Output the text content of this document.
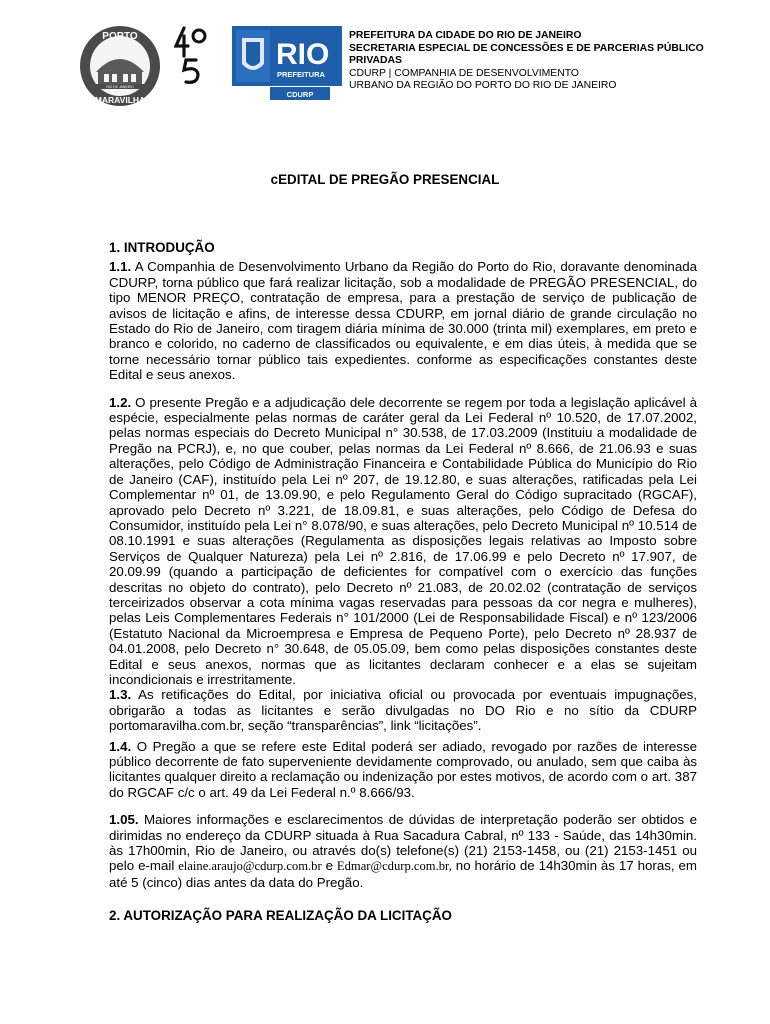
PORTO
MARAVILHA
RIO DE JANEIRO
RIO
PREFEITURA
CDURP
PREFEITURA DA CIDADE DO RIO DE JANEIRO
SECRETARIA ESPECIAL DE CONCESSÕES E DE PARCERIAS PÚBLICO
PRIVADAS
CDURP | COMPANHIA DE DESENVOLVIMENTO
URBANO DA REGIÃO DO PORTO DO RIO DE JANEIRO
cEDITAL DE PREGÃO PRESENCIAL
1. INTRODUÇÃO

1.1. A Companhia de Desenvolvimento Urbano da Região do Porto do Rio, doravante denominada CDURP, torna público que fará realizar licitação, sob a modalidade de PREGÃO PRESENCIAL, do tipo MENOR PREÇO, contratação de empresa, para a prestação de serviço de publicação de avisos de licitação e afins, de interesse dessa CDURP, em jornal diário de grande circulação no Estado do Rio de Janeiro, com tiragem diária mínima de 30.000 (trinta mil) exemplares, em preto e branco e colorido, no caderno de classificados ou equivalente, e em dias úteis, à medida que se torne necessário tornar público tais expedientes. conforme as especificações constantes deste Edital e seus anexos.

1.2. O presente Pregão e a adjudicação dele decorrente se regem por toda a legislação aplicável à espécie, especialmente pelas normas de caráter geral da Lei Federal nº 10.520, de 17.07.2002, pelas normas especiais do Decreto Municipal n° 30.538, de 17.03.2009 (Instituiu a modalidade de Pregão na PCRJ), e, no que couber, pelas normas da Lei Federal nº 8.666, de 21.06.93 e suas alterações, pelo Código de Administração Financeira e Contabilidade Pública do Município do Rio de Janeiro (CAF), instituído pela Lei nº 207, de 19.12.80, e suas alterações, ratificadas pela Lei Complementar nº 01, de 13.09.90, e pelo Regulamento Geral do Código supracitado (RGCAF), aprovado pelo Decreto nº 3.221, de 18.09.81, e suas alterações, pelo Código de Defesa do Consumidor, instituído pela Lei n° 8.078/90, e suas alterações, pelo Decreto Municipal nº 10.514 de 08.10.1991 e suas alterações (Regulamenta as disposições legais relativas ao Imposto sobre Serviços de Qualquer Natureza) pela Lei nº 2.816, de 17.06.99 e pelo Decreto nº 17.907, de 20.09.99 (quando a participação de deficientes for compatível com o exercício das funções descritas no objeto do contrato), pelo Decreto nº 21.083, de 20.02.02 (contratação de serviços terceirizados observar a cota mínima vagas reservadas para pessoas da cor negra e mulheres), pelas Leis Complementares Federais n° 101/2000 (Lei de Responsabilidade Fiscal) e nº 123/2006 (Estatuto Nacional da Microempresa e Empresa de Pequeno Porte), pelo Decreto nº 28.937 de 04.01.2008, pelo Decreto n° 30.648, de 05.05.09, bem como pelas disposições constantes deste Edital e seus anexos, normas que as licitantes declaram conhecer e a elas se sujeitam incondicionais e irrestritamente.

1.3. As retificações do Edital, por iniciativa oficial ou provocada por eventuais impugnações, obrigarão a todas as licitantes e serão divulgadas no DO Rio e no sítio da CDURP portomaravilha.com.br, seção “transparências”, link “licitações”.

1.4. O Pregão a que se refere este Edital poderá ser adiado, revogado por razões de interesse público decorrente de fato superveniente devidamente comprovado, ou anulado, sem que caiba às licitantes qualquer direito a reclamação ou indenização por estes motivos, de acordo com o art. 387 do RGCAF c/c o art. 49 da Lei Federal n.º 8.666/93.

1.05. Maiores informações e esclarecimentos de dúvidas de interpretação poderão ser obtidos e dirimidas no endereço da CDURP situada à Rua Sacadura Cabral, nº 133 - Saúde, das 14h30min. às 17h00min, Rio de Janeiro, ou através do(s) telefone(s) (21) 2153-1458, ou (21) 2153-1451 ou pelo e-mail elaine.araujo@cdurp.com.br e Edmar@cdurp.com.br, no horário de 14h30min às 17 horas, em até 5 (cinco) dias antes da data do Pregão.

2. AUTORIZAÇÃO PARA REALIZAÇÃO DA LICITAÇÃO
